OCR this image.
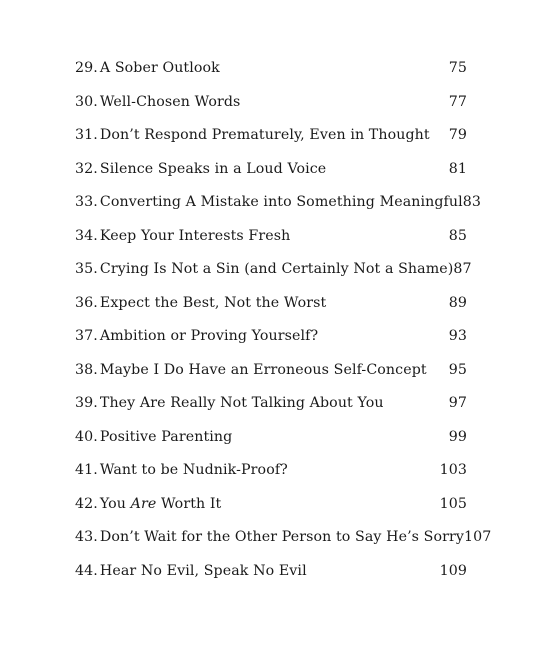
29. A Sober Outlook	75
30. Well-Chosen Words	77
31. Don’t Respond Prematurely, Even in Thought 79
32. Silence Speaks in a Loud Voice	81
33. Converting A Mistake into Something Meaningful 83
34. Keep Your Interests Fresh	85
35. Crying Is Not a Sin (and Certainly Not a Shame) 87
36. Expect the Best, Not the Worst	89
37. Ambition or Proving Yourself?	93
38. Maybe I Do Have an Erroneous Self-Concept 95
39. They Are Really Not Talking About You	97
40. Positive Parenting	99
41. Want to be Nudnik-Proof?	103
42. You Are Worth It	105
43. Don’t Wait for the Other Person to Say He’s Sorry 107
44. Hear No Evil, Speak No Evil	109
